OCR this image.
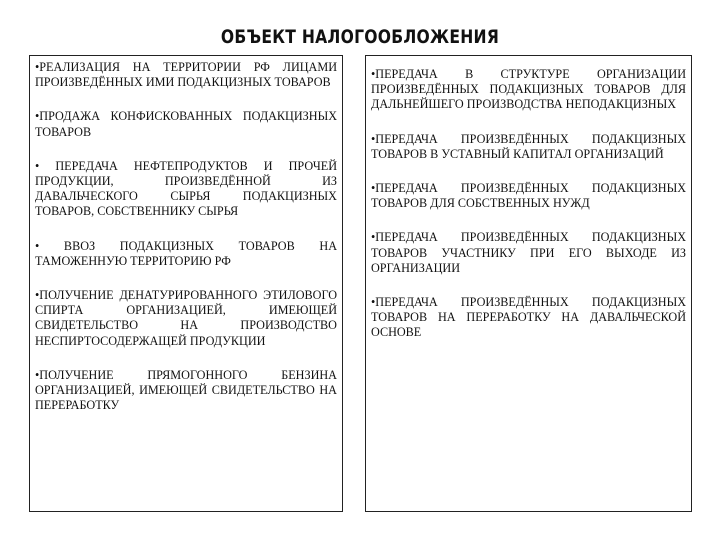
ОБЪЕКТ НАЛОГООБЛОЖЕНИЯ

•РЕАЛИЗАЦИЯ НА ТЕРРИТОРИИ РФ ЛИЦАМИ ПРОИЗВЕДЁННЫХ ИМИ ПОДАКЦИЗНЫХ ТОВАРОВ

•ПРОДАЖА КОНФИСКОВАННЫХ ПОДАКЦИЗНЫХ ТОВАРОВ

• ПЕРЕДАЧА НЕФТЕПРОДУКТОВ И ПРОЧЕЙ ПРОДУКЦИИ, ПРОИЗВЕДЁННОЙ ИЗ ДАВАЛЬЧЕСКОГО СЫРЬЯ ПОДАКЦИЗНЫХ ТОВАРОВ, СОБСТВЕННИКУ СЫРЬЯ

• ВВОЗ ПОДАКЦИЗНЫХ ТОВАРОВ НА ТАМОЖЕННУЮ ТЕРРИТОРИЮ РФ

•ПОЛУЧЕНИЕ ДЕНАТУРИРОВАННОГО ЭТИЛОВОГО СПИРТА ОРГАНИЗАЦИЕЙ, ИМЕЮЩЕЙ СВИДЕТЕЛЬСТВО НА ПРОИЗВОДСТВО НЕСПИРТОСОДЕРЖАЩЕЙ ПРОДУКЦИИ

•ПОЛУЧЕНИЕ ПРЯМОГОННОГО БЕНЗИНА ОРГАНИЗАЦИЕЙ, ИМЕЮЩЕЙ СВИДЕТЕЛЬСТВО НА ПЕРЕРАБОТКУ

•ПЕРЕДАЧА В СТРУКТУРЕ ОРГАНИЗАЦИИ ПРОИЗВЕДЁННЫХ ПОДАКЦИЗНЫХ ТОВАРОВ ДЛЯ ДАЛЬНЕЙШЕГО ПРОИЗВОДСТВА НЕПОДАКЦИЗНЫХ

•ПЕРЕДАЧА ПРОИЗВЕДЁННЫХ ПОДАКЦИЗНЫХ ТОВАРОВ В УСТАВНЫЙ КАПИТАЛ ОРГАНИЗАЦИЙ

•ПЕРЕДАЧА ПРОИЗВЕДЁННЫХ ПОДАКЦИЗНЫХ ТОВАРОВ ДЛЯ СОБСТВЕННЫХ НУЖД

•ПЕРЕДАЧА ПРОИЗВЕДЁННЫХ ПОДАКЦИЗНЫХ ТОВАРОВ УЧАСТНИКУ ПРИ ЕГО ВЫХОДЕ ИЗ ОРГАНИЗАЦИИ

•ПЕРЕДАЧА ПРОИЗВЕДЁННЫХ ПОДАКЦИЗНЫХ ТОВАРОВ НА ПЕРЕРАБОТКУ НА ДАВАЛЬЧЕСКОЙ ОСНОВЕ
